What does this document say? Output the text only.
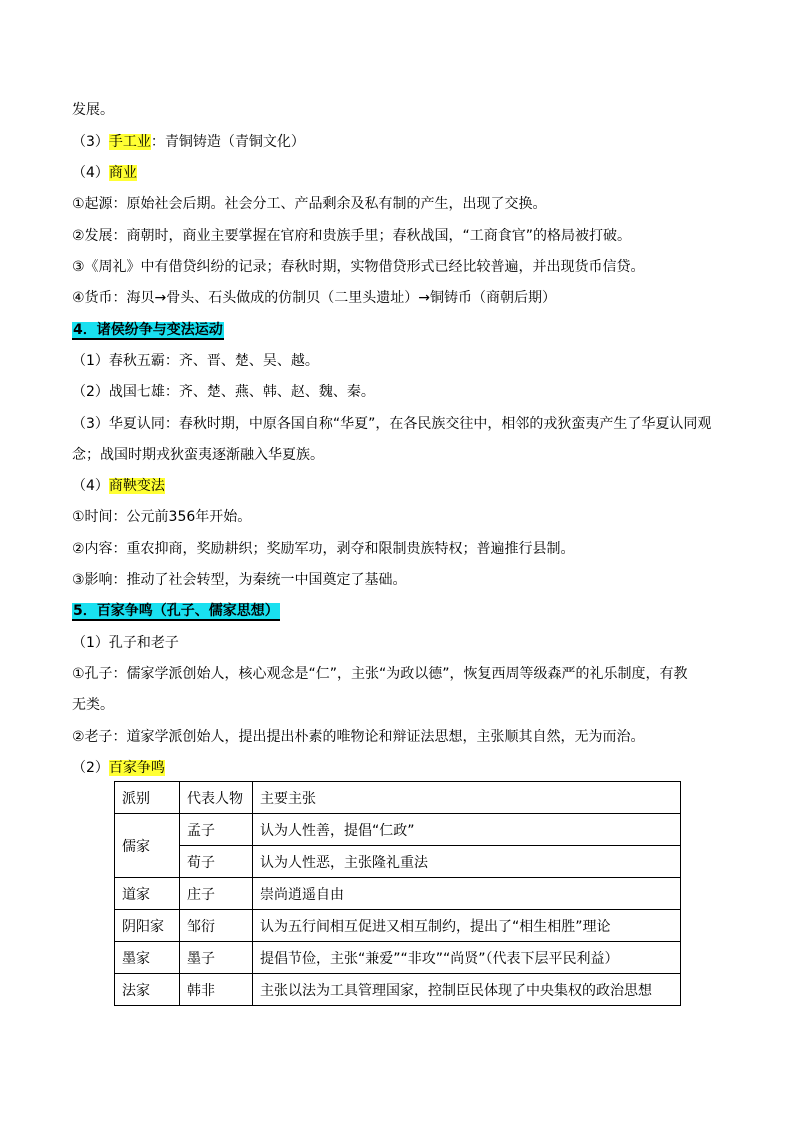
发展。
（3）手工业：青铜铸造（青铜文化）
（4）商业
①起源：原始社会后期。社会分工、产品剩余及私有制的产生，出现了交换。
②发展：商朝时，商业主要掌握在官府和贵族手里；春秋战国，“工商食官”的格局被打破。
③《周礼》中有借贷纠纷的记录；春秋时期，实物借贷形式已经比较普遍，并出现货币信贷。
④货币：海贝→骨头、石头做成的仿制贝（二里头遗址）→铜铸币（商朝后期）
4．诸侯纷争与变法运动
（1）春秋五霸：齐、晋、楚、吴、越。
（2）战国七雄：齐、楚、燕、韩、赵、魏、秦。
（3）华夏认同：春秋时期，中原各国自称“华夏”，在各民族交往中，相邻的戎狄蛮夷产生了华夏认同观
念；战国时期戎狄蛮夷逐渐融入华夏族。
（4）商鞅变法
①时间：公元前356年开始。
②内容：重农抑商，奖励耕织；奖励军功，剥夺和限制贵族特权；普遍推行县制。
③影响：推动了社会转型，为秦统一中国奠定了基础。
5．百家争鸣（孔子、儒家思想）
（1）孔子和老子
①孔子：儒家学派创始人，核心观念是“仁”，主张“为政以德”，恢复西周等级森严的礼乐制度，有教
无类。
②老子：道家学派创始人，提出提出朴素的唯物论和辩证法思想，主张顺其自然，无为而治。
（2）百家争鸣
派别	代表人物	主要主张
儒家	孟子	认为人性善，提倡“仁政”
	荀子	认为人性恶，主张隆礼重法
道家	庄子	崇尚逍遥自由
阴阳家	邹衍	认为五行间相互促进又相互制约，提出了“相生相胜”理论
墨家	墨子	提倡节俭，主张“兼爱”“非攻”“尚贤”（代表下层平民利益）
法家	韩非	主张以法为工具管理国家，控制臣民体现了中央集权的政治思想
